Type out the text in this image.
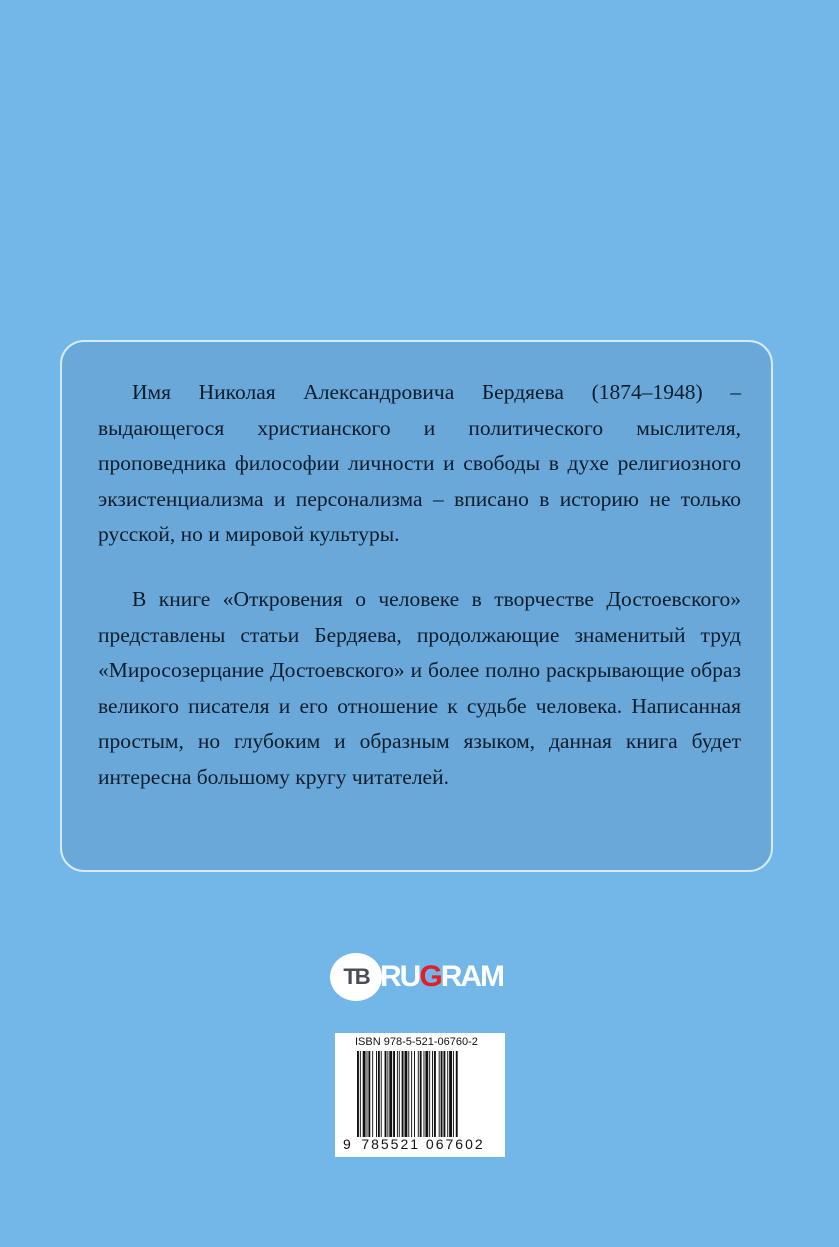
Имя Николая Александровича Бердяева (1874–1948) – выдающегося христианского и политического мыслителя, проповедника философии личности и свободы в духе религиозного экзистенциализма и персонализма – вписано в историю не только русской, но и мировой культуры.

В книге «Откровения о человеке в творчестве Достоевского» представлены статьи Бердяева, продолжающие знаменитый труд «Миросозерцание Достоевского» и более полно раскрывающие образ великого писателя и его отношение к судьбе человека. Написанная простым, но глубоким и образным языком, данная книга будет интересна большому кругу читателей.

TB RU G RA M
ISBN 978-5-521-06760-2
9 785521 067602
